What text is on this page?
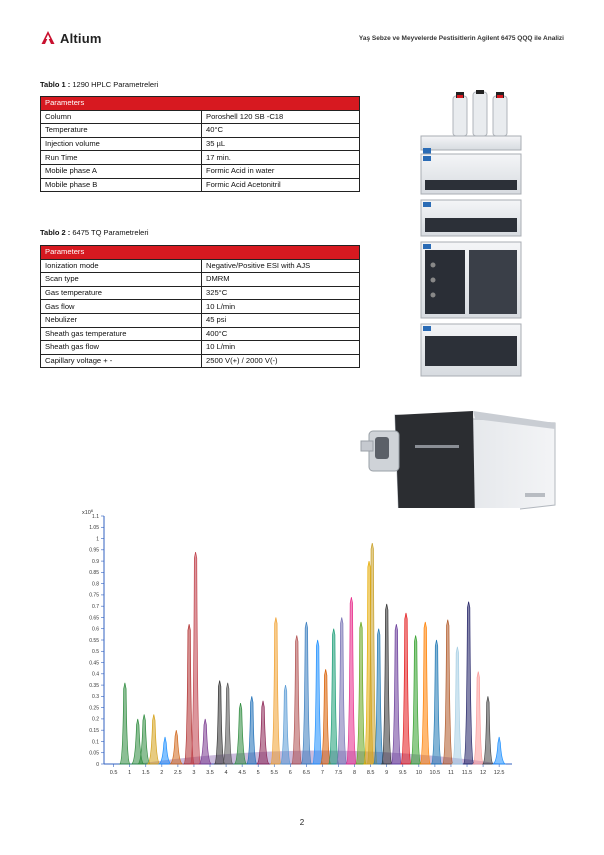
Altium	Yaş Sebze ve Meyvelerde Pestisitlerin Agilent 6475 QQQ ile Analizi
Tablo 1 : 1290 HPLC Parametreleri
Parameters	
Column	Poroshell 120 SB -C18
Temperature	40°C
Injection volume	35 µL
Run Time	17 min.
Mobile phase A	Formic Acid in water
Mobile phase B	Formic Acid Acetonitril
Tablo 2 : 6475 TQ Parametreleri
Parameters	
Ionization mode	Negative/Positive ESI with AJS
Scan type	DMRM
Gas temperature	325°C
Gas flow	10 L/min
Nebulizer	45 psi
Sheath gas temperature	400°C
Sheath gas flow	10 L/min
Capillary voltage + -	2500 V(+) / 2000 V(-)
$x10^6$
0
0.05
0.1
0.15
0.2
0.25
0.3
0.35
0.4
0.45
0.5
0.55
0.6
0.65
0.7
0.75
0.8
0.85
0.9
0.95
1
1.05
1.1
0.5 1 1.5 2 2.5 3 3.5 4 4.5 5 5.5 6 6.5 7 7.5 8 8.5 9 9.5 10 10.5 11 11.5 12 12.5
2
